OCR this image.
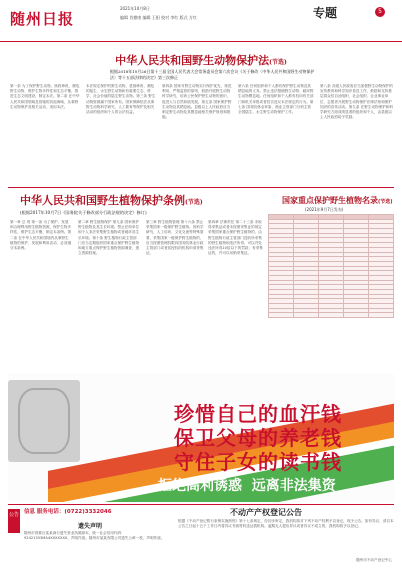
随州日报
2021年10月8日
编辑 肖德康 编辑 王阳 校对 李红 版式 方红	专题	5
中华人民共和国野生动物保护法(节选)
根据2018年10月26日第十三届全国人民代表大会常务委员会第六次会议《关于修改〈中华人民共和国野生动物保护法〉等十五部法律的决定》第三次修正
第一条 为了保护野生动物，拯救珍贵、濒危野生动物，维护生物多样性和生态平衡，推进生态文明建设，制定本法。第二条 在中华人民共和国领域及管辖的其他海域，从事野生动物保护及相关活动，适用本法。
本法规定保护的野生动物，是指珍贵、濒危的陆生、水生野生动物和有重要生态、科学、社会价值的陆生野生动物。第三条 野生动物资源属于国家所有。国家保障依法从事野生动物科学研究、人工繁育等保护及相关活动的组织和个人的合法权益。
第四条 国家对野生动物实行保护优先、规范利用、严格监管的原则，鼓励开展野生动物科学研究，培育公民保护野生动物的意识，促进人与自然和谐发展。第五条 国家保护野生动物及其栖息地。县级以上人民政府应当制定野生动物及其栖息地相关保护规划和措施。
第六条 任何组织和个人都有保护野生动物及其栖息地的义务。禁止违法猎捕野生动物、破坏野生动物栖息地。任何组织和个人都有权向有关部门和机关举报或者控告违反本法规定的行为。第七条 国务院林业草原、渔业主管部门分别主管全国陆生、水生野生动物保护工作。
第八条 各级人民政府应当加强野生动物保护的宣传教育和科学知识普及工作，鼓励和支持基层群众性自治组织、社会组织、企业事业单位、志愿者开展野生动物保护法律法规和保护知识的宣传活动。第九条 在野生动物保护和科学研究方面成绩显著的组织和个人，由县级以上人民政府给予奖励。
中华人民共和国野生植物保护条例(节选)
(根据2017年10月7日《国务院关于修改部分行政法规的决定》修订)
第一章 总 则 第一条 为了保护、发展和合理利用野生植物资源，保护生物多样性，维护生态平衡，制定本条例。第二条 在中华人民共和国境内从事野生植物的保护、发展和利用活动，必须遵守本条例。
第二章 野生植物保护 第九条 国家保护野生植物及其生长环境。禁止任何单位和个人非法采集野生植物或者破坏其生长环境。第十条 野生植物行政主管部门应当定期组织国家重点保护野生植物和地方重点保护野生植物资源调查，建立资源档案。
第三章 野生植物管理 第十六条 禁止采集国家一级保护野生植物。因科学研究、人工培育、文化交流等特殊需要，采集国家一级保护野生植物的，应当按照管理权限向国务院林业行政主管部门或者其授权的机构申请采集证。
第四章 法律责任 第二十三条 未取得采集证或者未按照采集证的规定采集国家重点保护野生植物的，由野生植物行政主管部门没收所采集的野生植物和违法所得，可以并处违法所得10倍以下的罚款；有采集证的，并可以吊销采集证。
国家重点保护野生植物名录(节选)
(2021年9月7日发布)

珍惜自己的血汗钱
保卫父母的养老钱
守住子女的读书钱
拒绝高利诱惑 远离非法集资
公告 信息 服务电话：(0722)3332046
遗失声明
随州市曾都区某某商行遗失营业执照副本，统一社会信用代码：92421303MA4XXXXXXX，声明作废。随州市某某有限公司遗失公章一枚，声明作废。
不动产产权登记公告
根据《不动产登记暂行条例实施细则》第十七条规定，经初步审定，我机构拟对下列不动产权利予以登记，现予公告。如有异议，请自本公告之日起十五个工作日内将异议书面材料送达我机构。逾期无人提出异议或者异议不成立的，我机构将予以登记。
随州市不动产登记中心
